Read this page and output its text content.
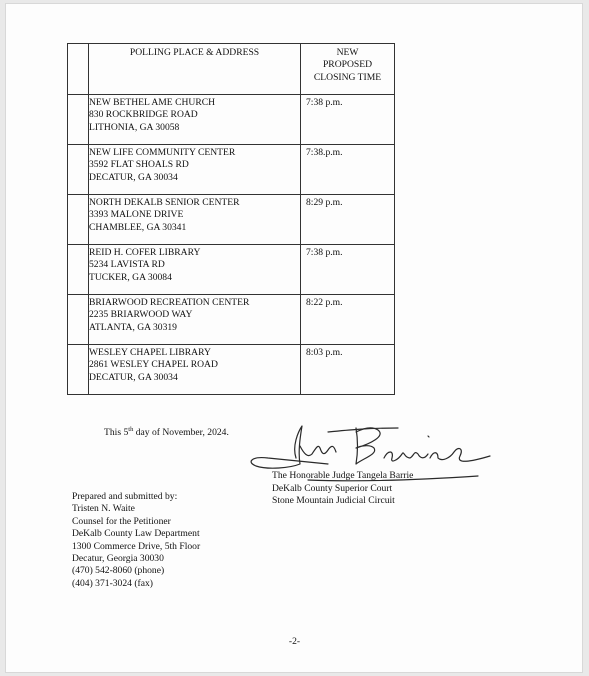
	POLLING PLACE & ADDRESS	NEW
PROPOSED
CLOSING TIME

	NEW BETHEL AME CHURCH
830 ROCKBRIDGE ROAD
LITHONIA, GA 30058	7:38 p.m.

	NEW LIFE COMMUNITY CENTER
3592 FLAT SHOALS RD
DECATUR, GA 30034	7:38.p.m.

	NORTH DEKALB SENIOR CENTER
3393 MALONE DRIVE
CHAMBLEE, GA 30341	8:29 p.m.

	REID H. COFER LIBRARY
5234 LAVISTA RD
TUCKER, GA 30084	7:38 p.m.

	BRIARWOOD RECREATION CENTER
2235 BRIARWOOD WAY
ATLANTA, GA 30319	8:22 p.m.

	WESLEY CHAPEL LIBRARY
2861 WESLEY CHAPEL ROAD
DECATUR, GA 30034	8:03 p.m.
This 5th day of November, 2024.
The Honorable Judge Tangela Barrie
DeKalb County Superior Court
Stone Mountain Judicial Circuit
Prepared and submitted by:
Tristen N. Waite
Counsel for the Petitioner
DeKalb County Law Department
1300 Commerce Drive, 5th Floor
Decatur, Georgia 30030
(470) 542-8060 (phone)
(404) 371-3024 (fax)
-2-
